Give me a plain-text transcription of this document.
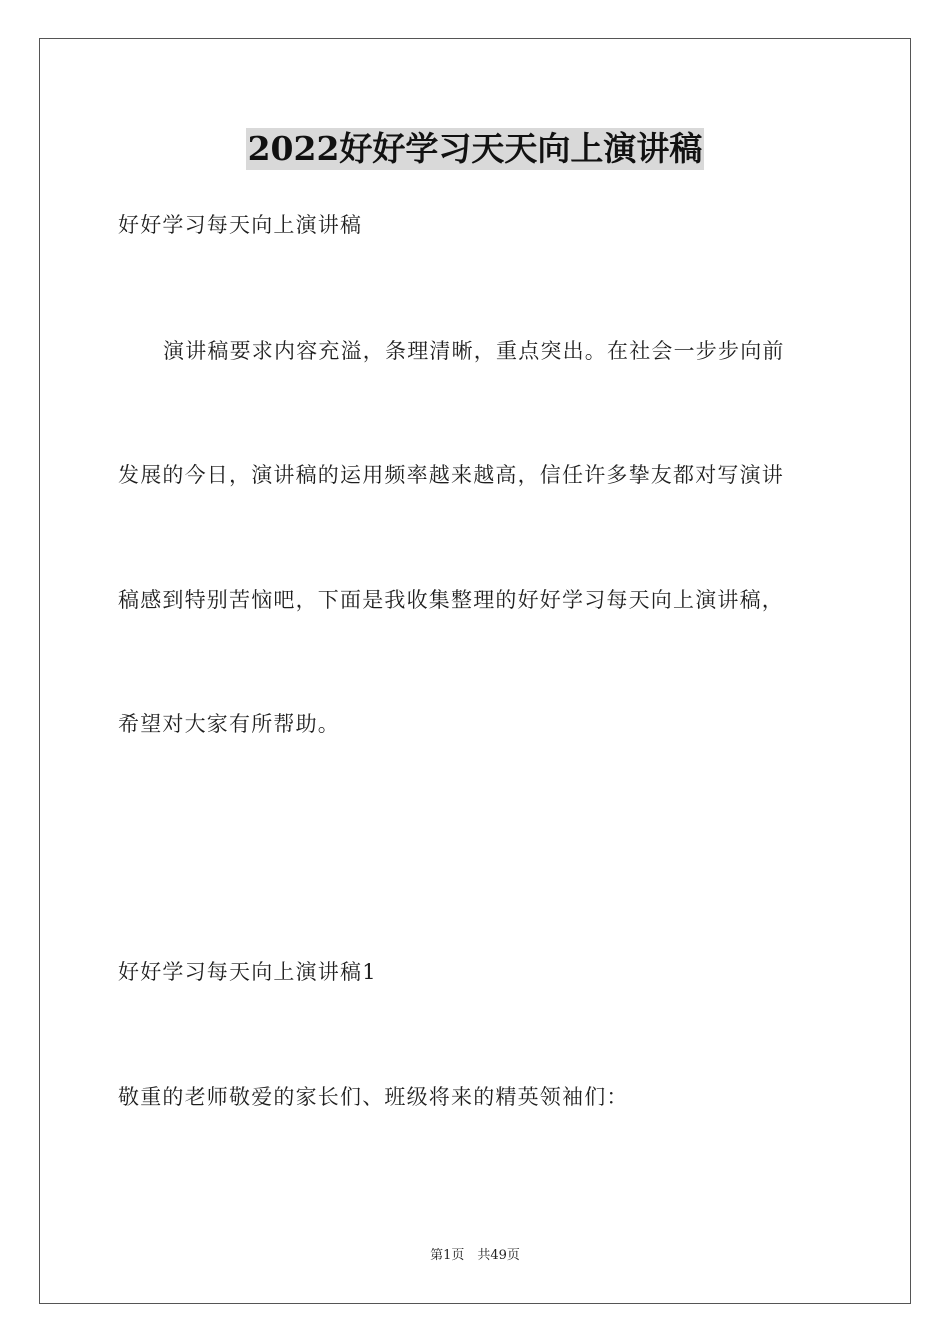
2022好好学习天天向上演讲稿
好好学习每天向上演讲稿
演讲稿要求内容充溢，条理清晰，重点突出。在社会一步步向前
发展的今日，演讲稿的运用频率越来越高，信任许多挚友都对写演讲
稿感到特别苦恼吧，下面是我收集整理的好好学习每天向上演讲稿，
希望对大家有所帮助。
好好学习每天向上演讲稿1
敬重的老师敬爱的家长们、班级将来的精英领袖们：
第1页　共49页
